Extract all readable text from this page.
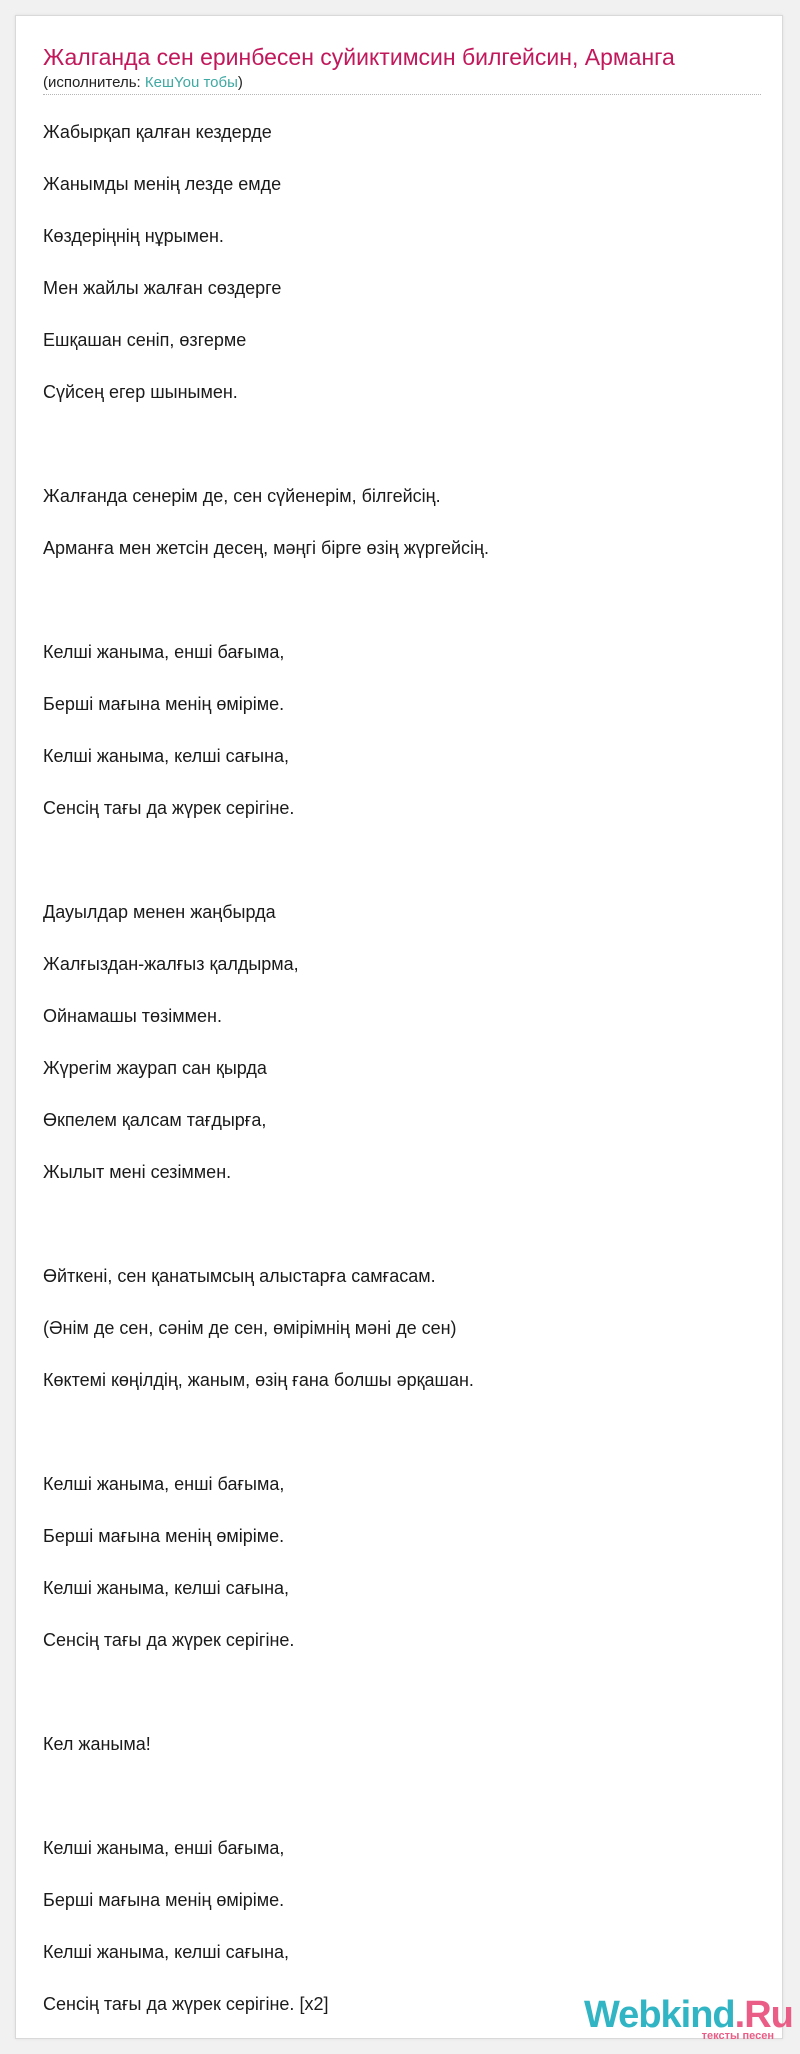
Жалганда сен еринбесен суйиктимсин билгейсин, Арманга
(исполнитель: КешYou тобы)
Жабырқап қалған кездерде
Жанымды менің лезде емде
Көздеріңнің нұрымен.
Мен жайлы жалған сөздерге
Ешқашан сеніп, өзгерме
Сүйсең егер шынымен.
Жалғанда сенерім де, сен сүйенерім, білгейсің.
Арманға мен жетсін десең, мәңгі бірге өзің жүргейсің.
Келші жаныма, енші бағыма,
Берші мағына менің өміріме.
Келші жаныма, келші сағына,
Сенсің тағы да жүрек серігіне.
Дауылдар менен жаңбырда
Жалғыздан-жалғыз қалдырма,
Ойнамашы төзіммен.
Жүрегім жаурап сан қырда
Өкпелем қалсам тағдырға,
Жылыт мені сезіммен.
Өйткені, сен қанатымсың алыстарға самғасам.
(Әнім де сен, сәнім де сен, өмірімнің мәні де сен)
Көктемі көңілдің, жаным, өзің ғана болшы әрқашан.
Келші жаныма, енші бағыма,
Берші мағына менің өміріме.
Келші жаныма, келші сағына,
Сенсің тағы да жүрек серігіне.
Кел жаныма!
Келші жаныма, енші бағыма,
Берші мағына менің өміріме.
Келші жаныма, келші сағына,
Сенсің тағы да жүрек серігіне. [x2]	Webkind.Ru
тексты песен
